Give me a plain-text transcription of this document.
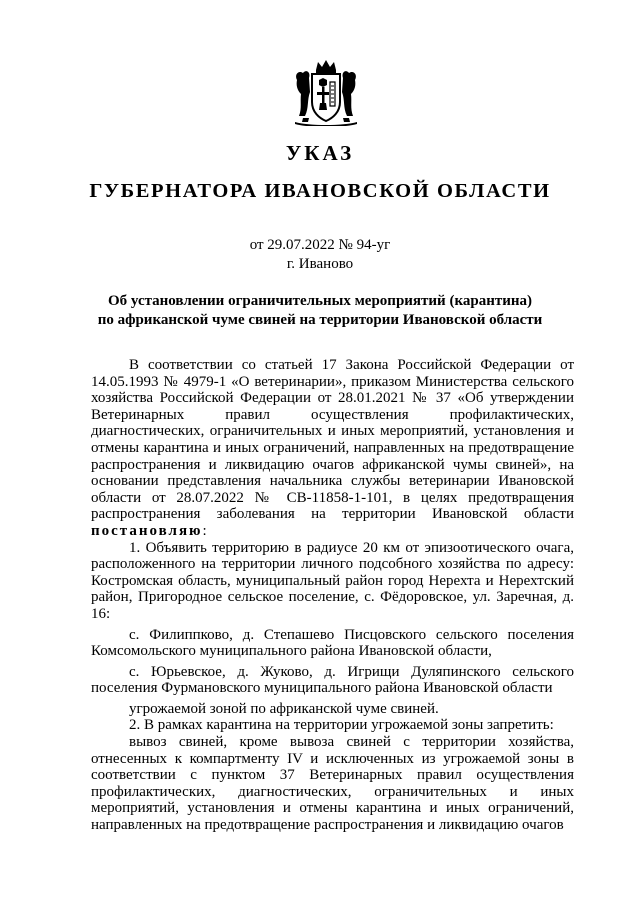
УКАЗ
ГУБЕРНАТОРА ИВАНОВСКОЙ ОБЛАСТИ
от 29.07.2022 № 94-уг
г. Иваново
Об установлении ограничительных мероприятий (карантина)
по африканской чуме свиней на территории Ивановской области

В соответствии со статьей 17 Закона Российской Федерации от 14.05.1993 № 4979-1 «О ветеринарии», приказом Министерства сельского хозяйства Российской Федерации от 28.01.2021 № 37 «Об утверждении Ветеринарных правил осуществления профилактических, диагностических, ограничительных и иных мероприятий, установления и отмены карантина и иных ограничений, направленных на предотвращение распространения и ликвидацию очагов африканской чумы свиней», на основании представления начальника службы ветеринарии Ивановской области от 28.07.2022 № СВ-11858-1-101, в целях предотвращения распространения заболевания на территории Ивановской области постановляю:

1. Объявить территорию в радиусе 20 км от эпизоотического очага, расположенного на территории личного подсобного хозяйства по адресу: Костромская область, муниципальный район город Нерехта и Нерехтский район, Пригородное сельское поселение, с. Фёдоровское, ул. Заречная, д. 16:

с. Филиппково, д. Степашево Писцовского сельского поселения Комсомольского муниципального района Ивановской области,

с. Юрьевское, д. Жуково, д. Игрищи Дуляпинского сельского поселения Фурмановского муниципального района Ивановской области

угрожаемой зоной по африканской чуме свиней.

2. В рамках карантина на территории угрожаемой зоны запретить:

вывоз свиней, кроме вывоза свиней с территории хозяйства, отнесенных к компартменту IV и исключенных из угрожаемой зоны в соответствии с пунктом 37 Ветеринарных правил осуществления профилактических, диагностических, ограничительных и иных мероприятий, установления и отмены карантина и иных ограничений, направленных на предотвращение распространения и ликвидацию очагов
